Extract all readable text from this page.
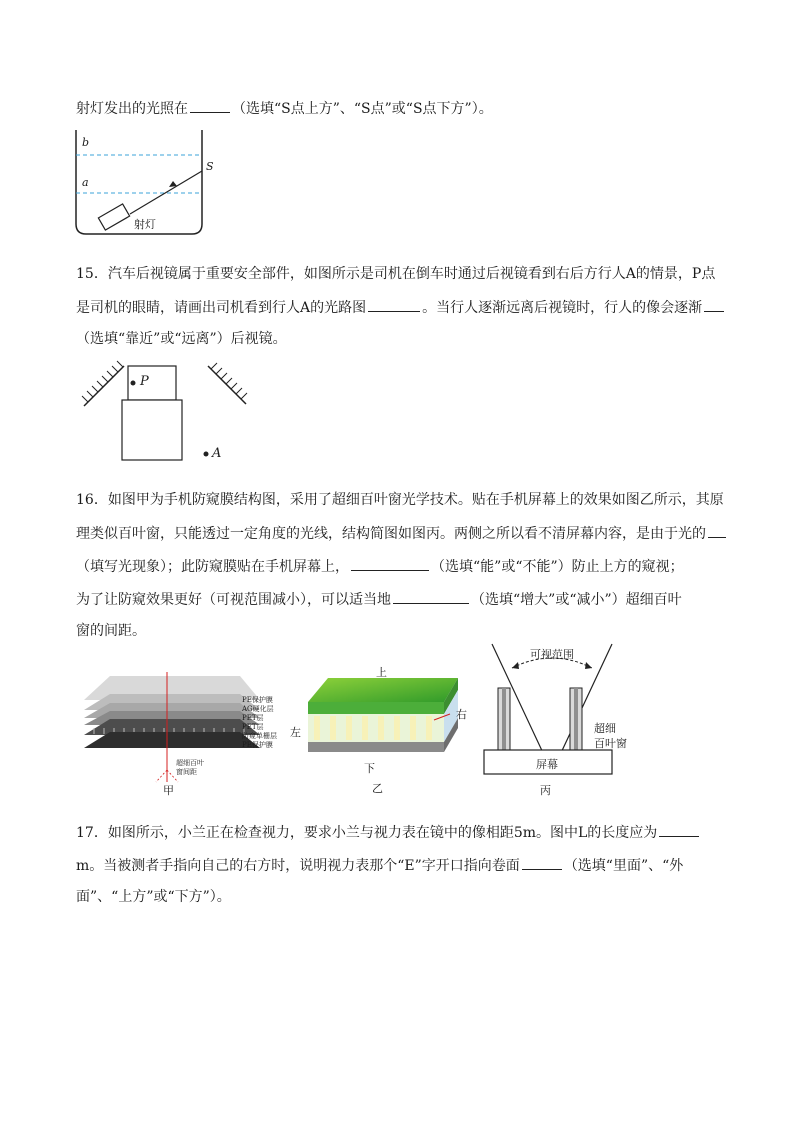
射灯发出的光照在	（选填“S点上方”、“S点”或“S点下方”）。
b
a
S
射灯
15．汽车后视镜属于重要安全部件，如图所示是司机在倒车时通过后视镜看到右后方行人A的情景，P点
是司机的眼睛，请画出司机看到行人A的光路图	。当行人逐渐远离后视镜时，行人的像会逐渐
（选填“靠近”或“远离”）后视镜。
P
A
16．如图甲为手机防窥膜结构图，采用了超细百叶窗光学技术。贴在手机屏幕上的效果如图乙所示，其原
理类似百叶窗，只能透过一定角度的光线，结构简图如图丙。两侧之所以看不清屏幕内容，是由于光的
（填写光现象）；此防窥膜贴在手机屏幕上，	（选填“能”或“不能”）防止上方的窥视；
为了让防窥效果更好（可视范围减小），可以适当地	（选填“增大”或“减小”）超细百叶
窗的间距。
PE保护膜
AG硬化层
PET层
PET层
防窥单栅层
PE保护膜
超细百叶
窗间距
甲
上
左
右
下
乙
可视范围
超细
百叶窗
屏幕
丙
17．如图所示，小兰正在检查视力，要求小兰与视力表在镜中的像相距5m。图中L的长度应为
m。当被测者手指向自己的右方时，说明视力表那个“E”字开口指向卷面	（选填“里面”、“外
面”、“上方”或“下方”）。
